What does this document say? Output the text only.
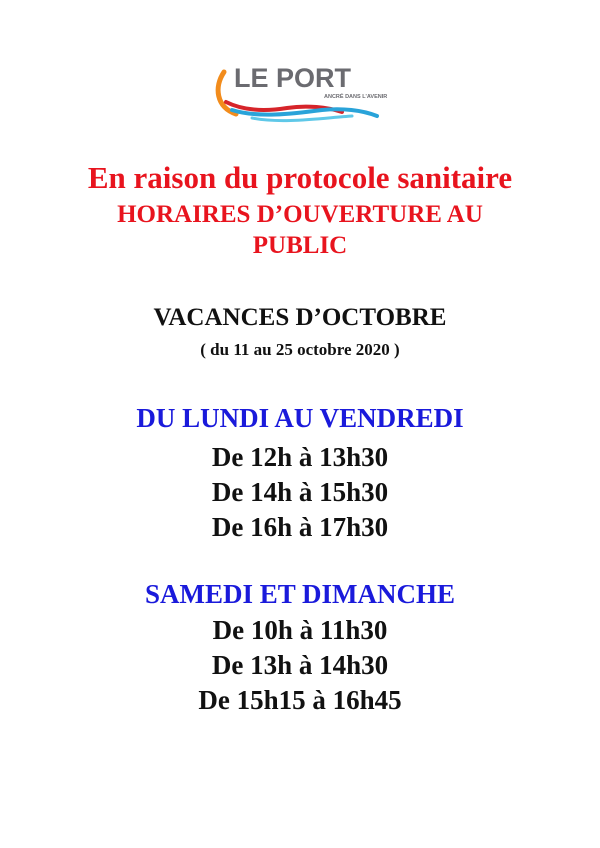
LE PORT
ANCRÉ DANS L'AVENIR

En raison du protocole sanitaire

HORAIRES D’OUVERTURE AU

PUBLIC

VACANCES D’OCTOBRE

( du 11 au 25 octobre 2020 )

DU LUNDI AU VENDREDI

De 12h à 13h30

De 14h à 15h30

De 16h à 17h30

SAMEDI ET DIMANCHE

De 10h à 11h30

De 13h à 14h30

De 15h15 à 16h45
